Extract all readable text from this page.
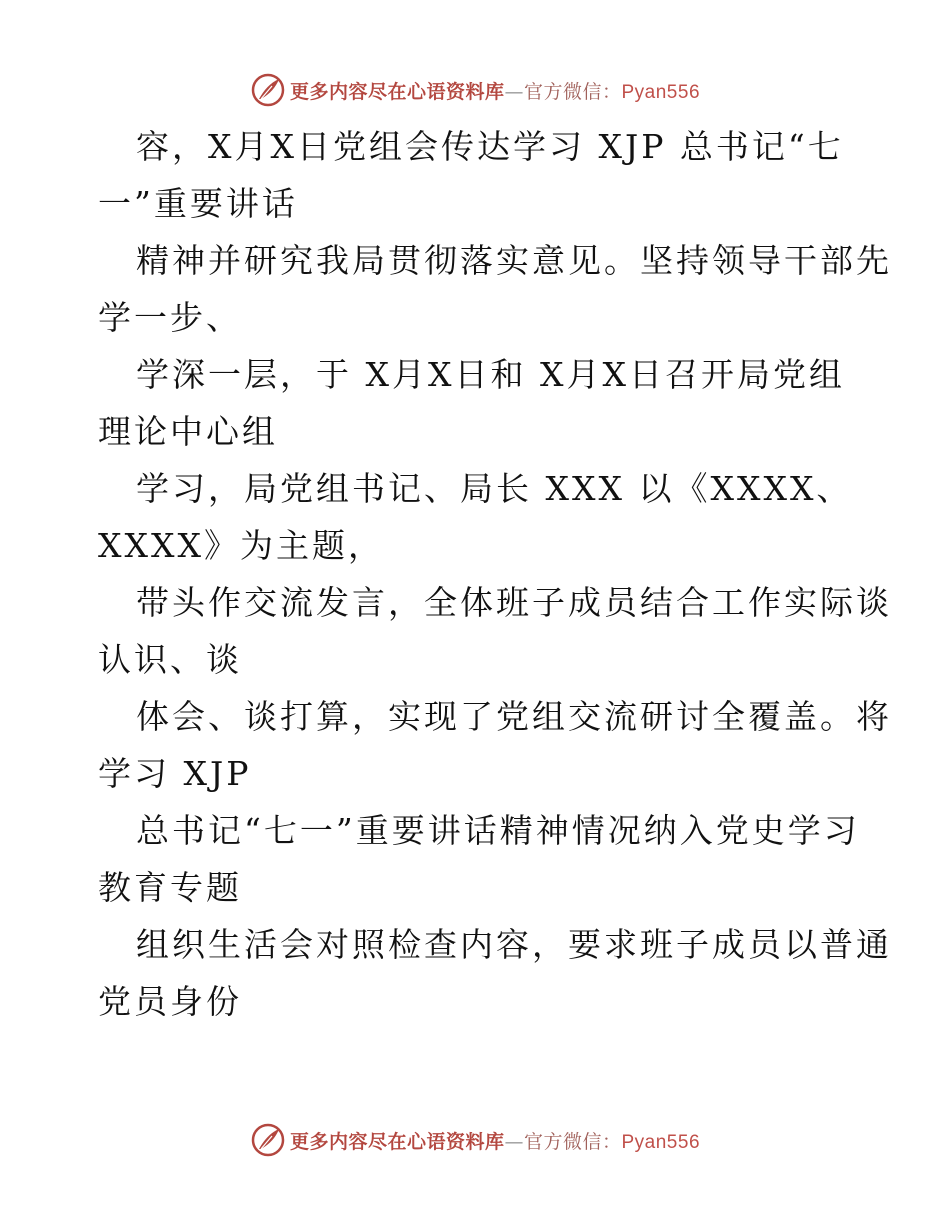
更多内容尽在心语资料库—官方微信：Pyan556
容，X月X日党组会传达学习 XJP 总书记“七
一”重要讲话
精神并研究我局贯彻落实意见。坚持领导干部先
学一步、
学深一层，于 X月X日和 X月X日召开局党组
理论中心组
学习，局党组书记、局长 XXX 以《XXXX、
XXXX》为主题，
带头作交流发言，全体班子成员结合工作实际谈
认识、谈
体会、谈打算，实现了党组交流研讨全覆盖。将
学习 XJP
总书记“七一”重要讲话精神情况纳入党史学习
教育专题
组织生活会对照检查内容，要求班子成员以普通
党员身份
更多内容尽在心语资料库—官方微信：Pyan556
